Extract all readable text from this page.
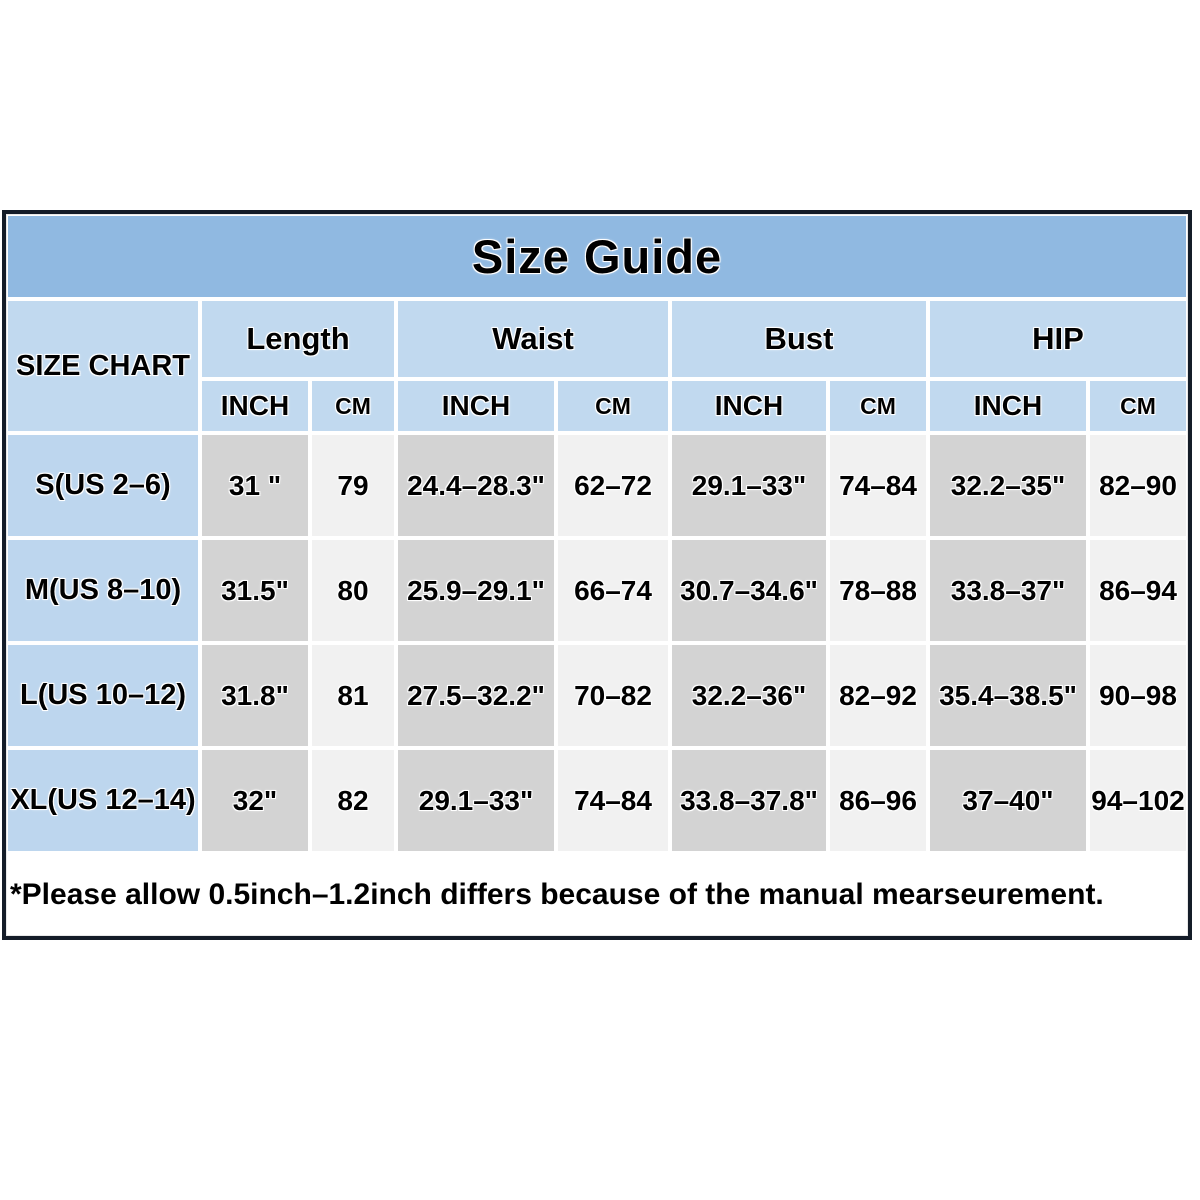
Size Guide
SIZE CHART
Length	Waist	Bust	HIP
INCH	CM	INCH	CM	INCH	CM	INCH	CM
S(US 2–6)	31 "	79	24.4–28.3"	62–72	29.1–33"	74–84	32.2–35"	82–90
M(US 8–10)	31.5"	80	25.9–29.1"	66–74	30.7–34.6" 78–88	33.8–37"	86–94
L(US 10–12)	31.8"	81	27.5–32.2"	70–82	32.2–36"	82–92 35.4–38.5" 90–98
XL(US 12–14)	32"	82	29.1–33"	74–84	33.8–37.8" 86–96	37–40"	94–102
*Please allow 0.5inch–1.2inch differs because of the manual mearseurement.
